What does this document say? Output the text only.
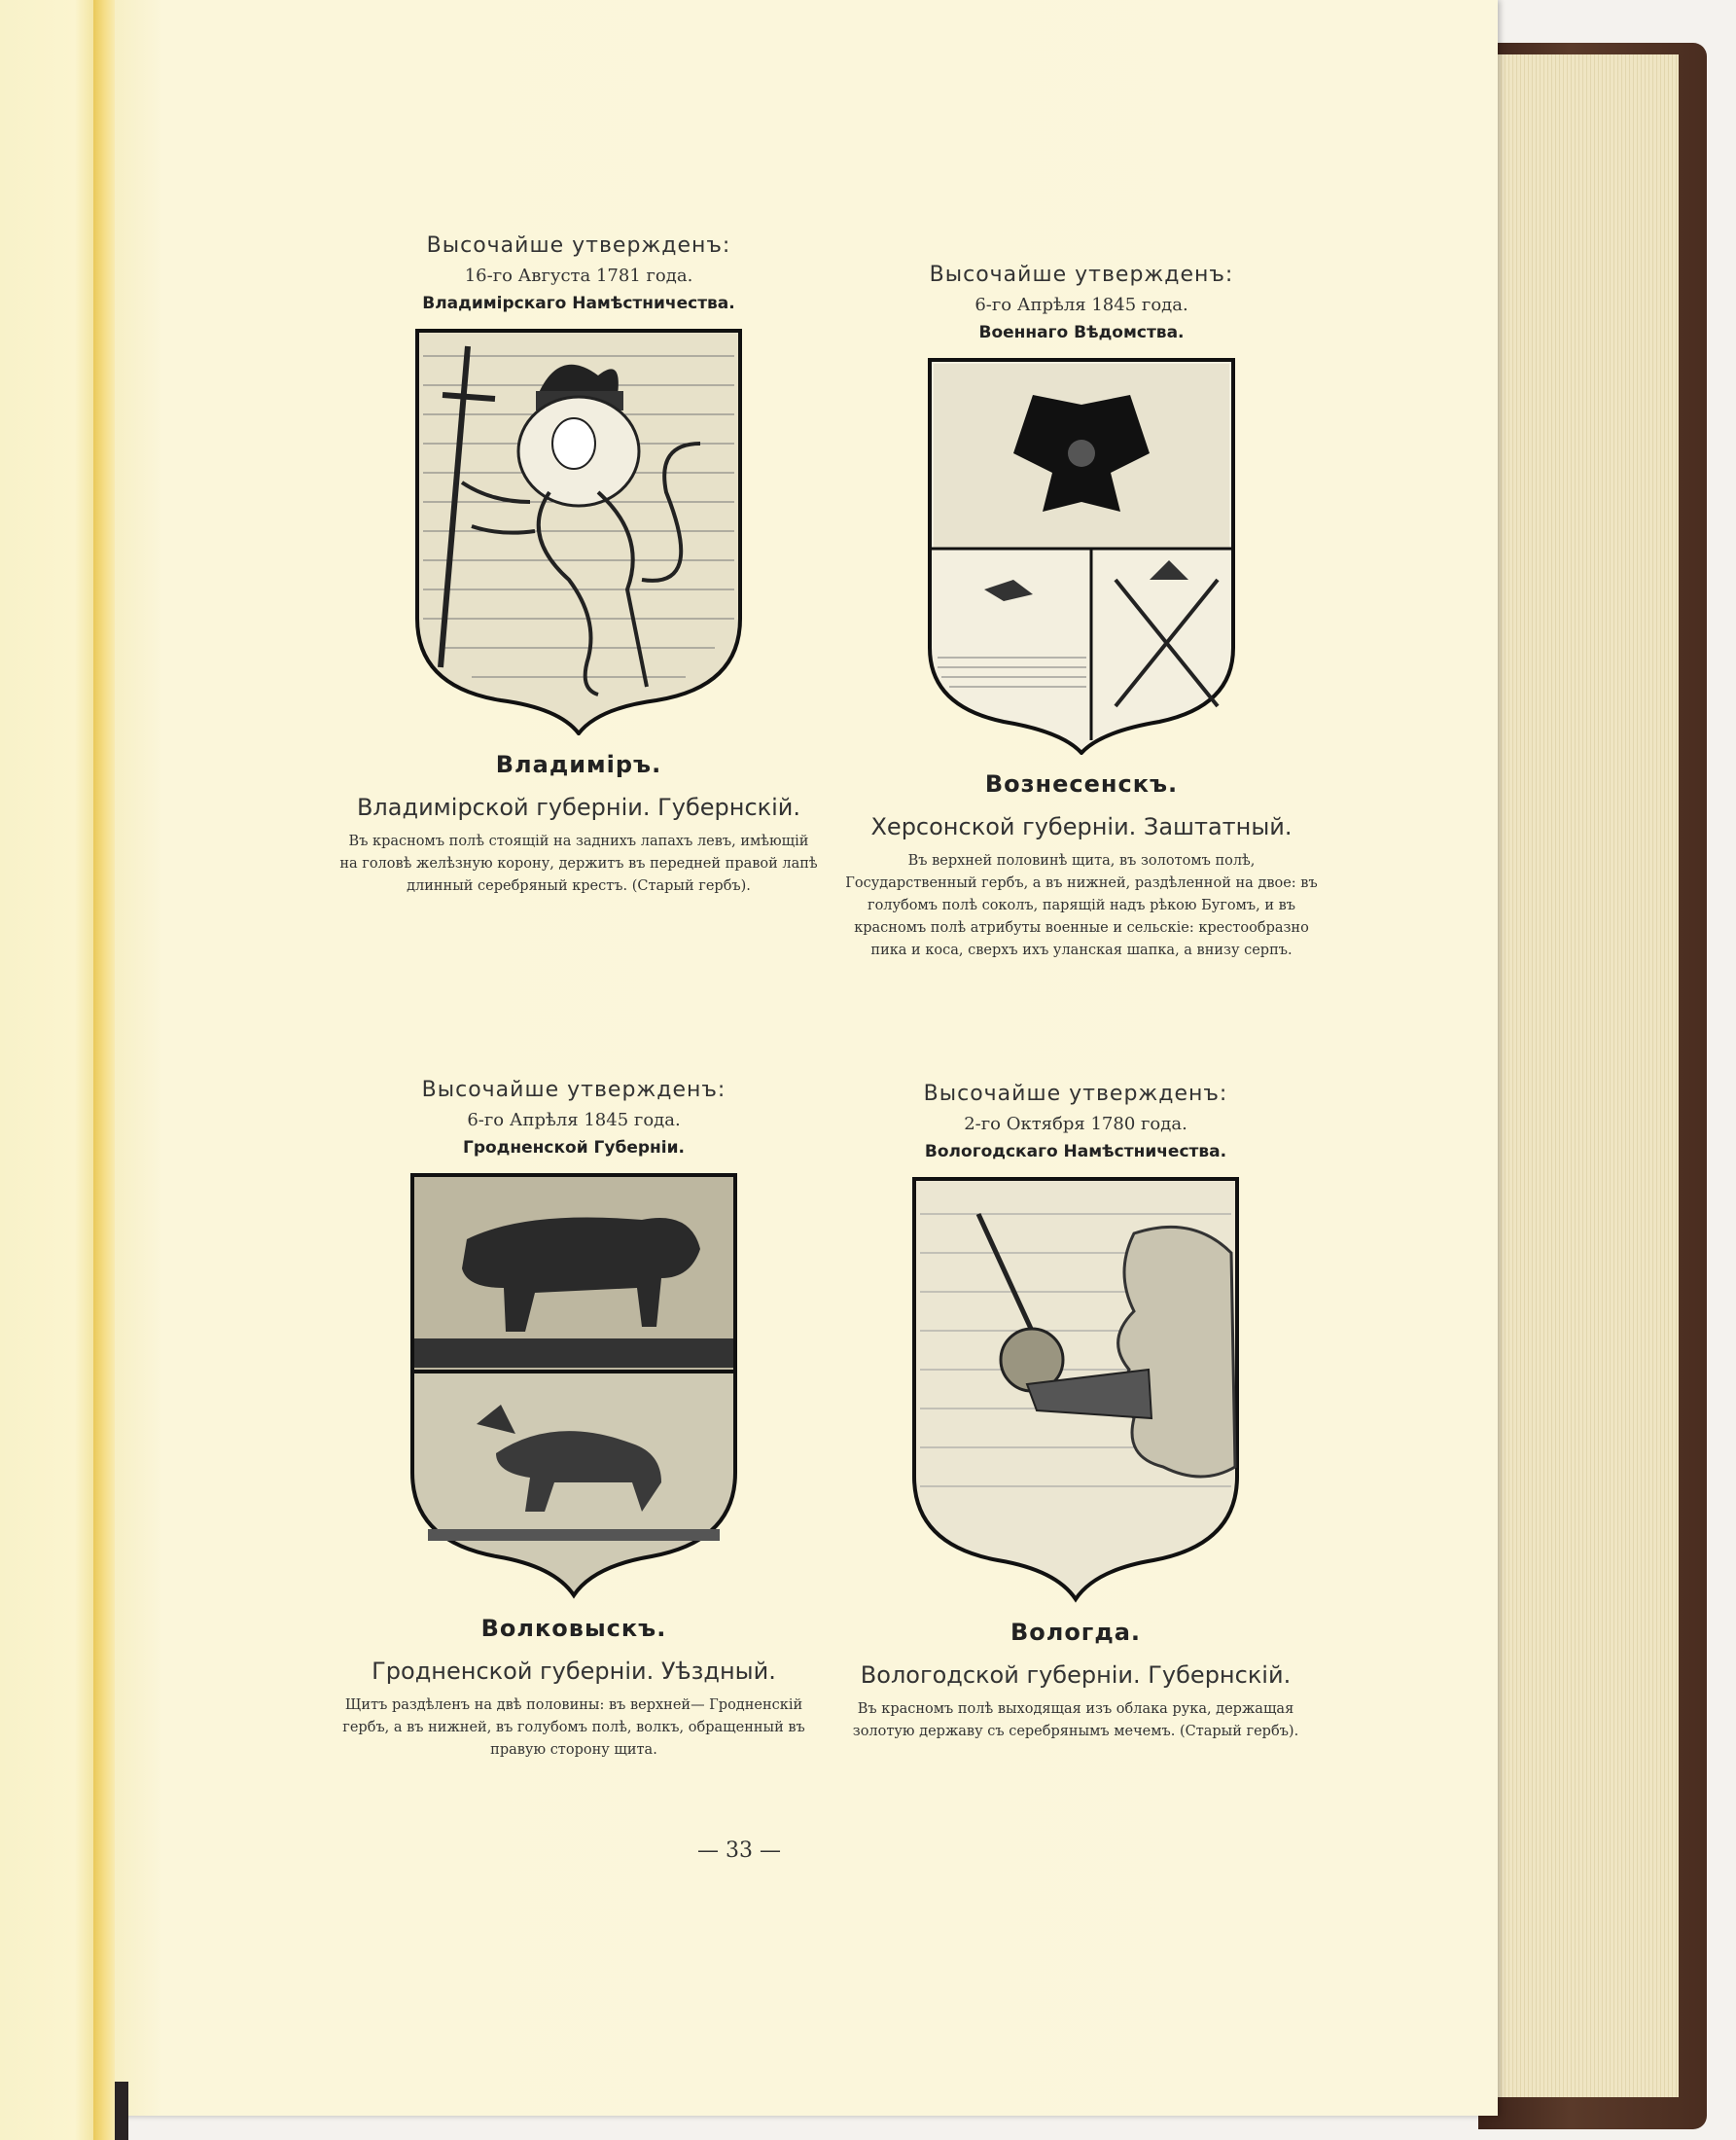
Высочайше утвержденъ:
16-го Августа 1781 года.
Владимірскаго Намѣстничества.
Владиміръ.
Владимірской губерніи. Губернскій.
Въ красномъ полѣ стоящій на заднихъ лапахъ левъ, имѣющій на головѣ желѣзную корону, держитъ въ передней правой лапѣ длинный серебряный крестъ. (Старый гербъ).
Высочайше утвержденъ:
6-го Апрѣля 1845 года.
Военнаго Вѣдомства.
Вознесенскъ.
Херсонской губерніи. Заштатный.
Въ верхней половинѣ щита, въ золотомъ полѣ, Государственный гербъ, а въ нижней, раздѣленной на двое: въ голубомъ полѣ соколъ, парящій надъ рѣкою Бугомъ, и въ красномъ полѣ атрибуты военные и сельскіе: крестообразно пика и коса, сверхъ ихъ уланская шапка, а внизу серпъ.
Высочайше утвержденъ:
6-го Апрѣля 1845 года.
Гродненской Губерніи.
Волковыскъ.
Гродненской губерніи. Уѣздный.
Щитъ раздѣленъ на двѣ половины: въ верхней— Гродненскій гербъ, а въ нижней, въ голубомъ полѣ, волкъ, обращенный въ правую сторону щита.
Высочайше утвержденъ:
2-го Октября 1780 года.
Вологодскаго Намѣстничества.
Вологда.
Вологодской губерніи. Губернскій.
Въ красномъ полѣ выходящая изъ облака рука, держащая золотую державу съ серебрянымъ мечемъ. (Старый гербъ).
— 33 —
